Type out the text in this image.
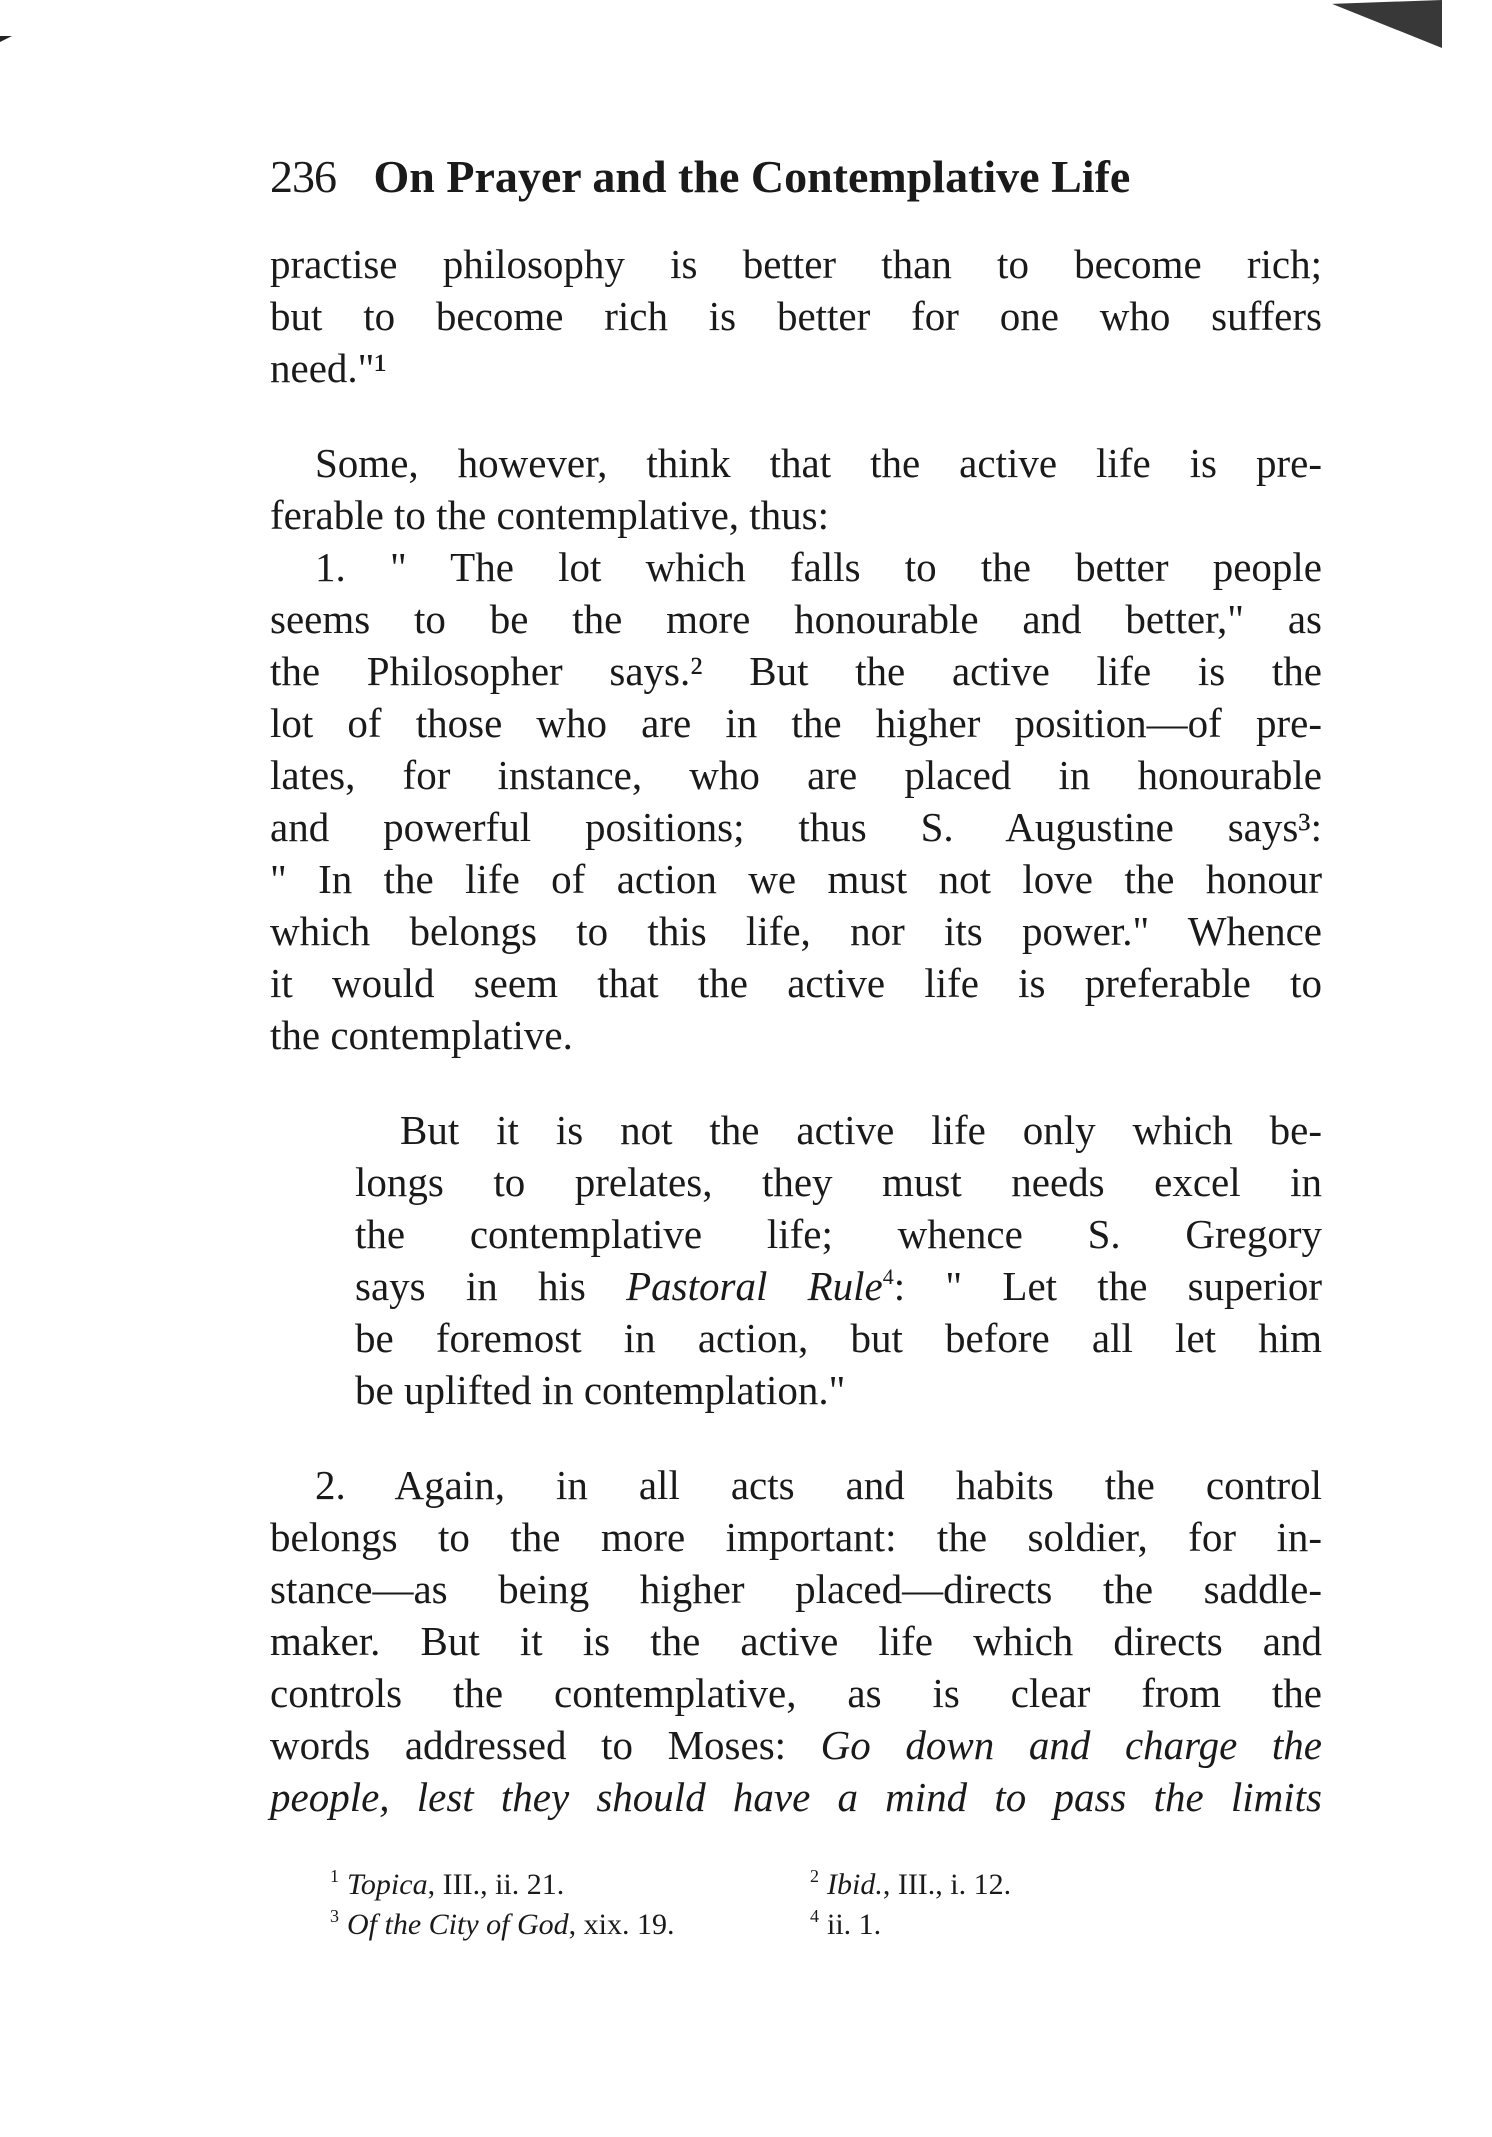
236 On Prayer and the Contemplative Life
practise philosophy is better than to become rich;
but to become rich is better for one who suffers
need."¹
Some, however, think that the active life is pre-
ferable to the contemplative, thus:
1. " The lot which falls to the better people
seems to be the more honourable and better," as
the Philosopher says.² But the active life is the
lot of those who are in the higher position—of pre-
lates, for instance, who are placed in honourable
and powerful positions; thus S. Augustine says³:
" In the life of action we must not love the honour
which belongs to this life, nor its power." Whence
it would seem that the active life is preferable to
the contemplative.
But it is not the active life only which be-
longs to prelates, they must needs excel in
the contemplative life; whence S. Gregory
says in his Pastoral Rule$^4$: " Let the superior
be foremost in action, but before all let him
be uplifted in contemplation."
2. Again, in all acts and habits the control
belongs to the more important: the soldier, for in-
stance—as being higher placed—directs the saddle-
maker. But it is the active life which directs and
controls the contemplative, as is clear from the
words addressed to Moses: Go down and charge the
people, lest they should have a mind to pass the limits
$^1$ Topica, III., ii. 21.	$^2$ Ibid., III., i. 12.
$^3$ Of the City of God, xix. 19.	$^4$ ii. 1.
